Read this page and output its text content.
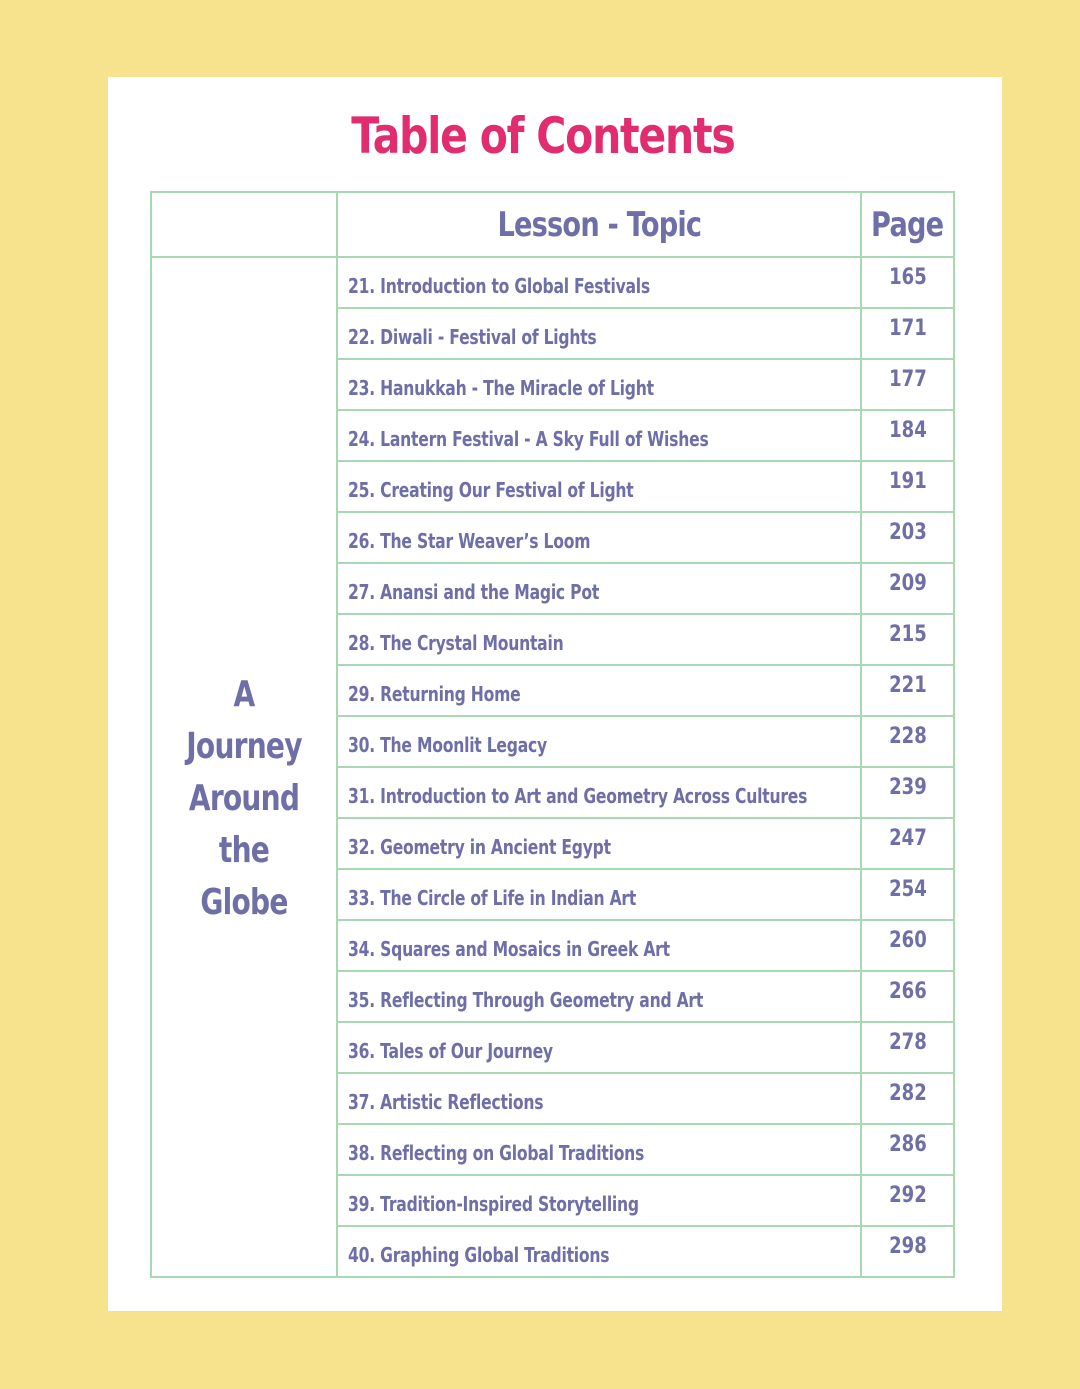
Table of Contents
	Lesson - Topic	Page
A Journey
Around
the Globe	21. Introduction to Global Festivals	165
	22. Diwali - Festival of Lights	171
	23. Hanukkah - The Miracle of Light	177
	24. Lantern Festival - A Sky Full of Wishes	184
	25. Creating Our Festival of Light	191
	26. The Star Weaver’s Loom	203
	27. Anansi and the Magic Pot	209
	28. The Crystal Mountain	215
	29. Returning Home	221
	30. The Moonlit Legacy	228
	31. Introduction to Art and Geometry Across Cultures	239
	32. Geometry in Ancient Egypt	247
	33. The Circle of Life in Indian Art	254
	34. Squares and Mosaics in Greek Art	260
	35. Reflecting Through Geometry and Art	266
	36. Tales of Our Journey	278
	37. Artistic Reflections	282
	38. Reflecting on Global Traditions	286
	39. Tradition-Inspired Storytelling	292
	40. Graphing Global Traditions	298
